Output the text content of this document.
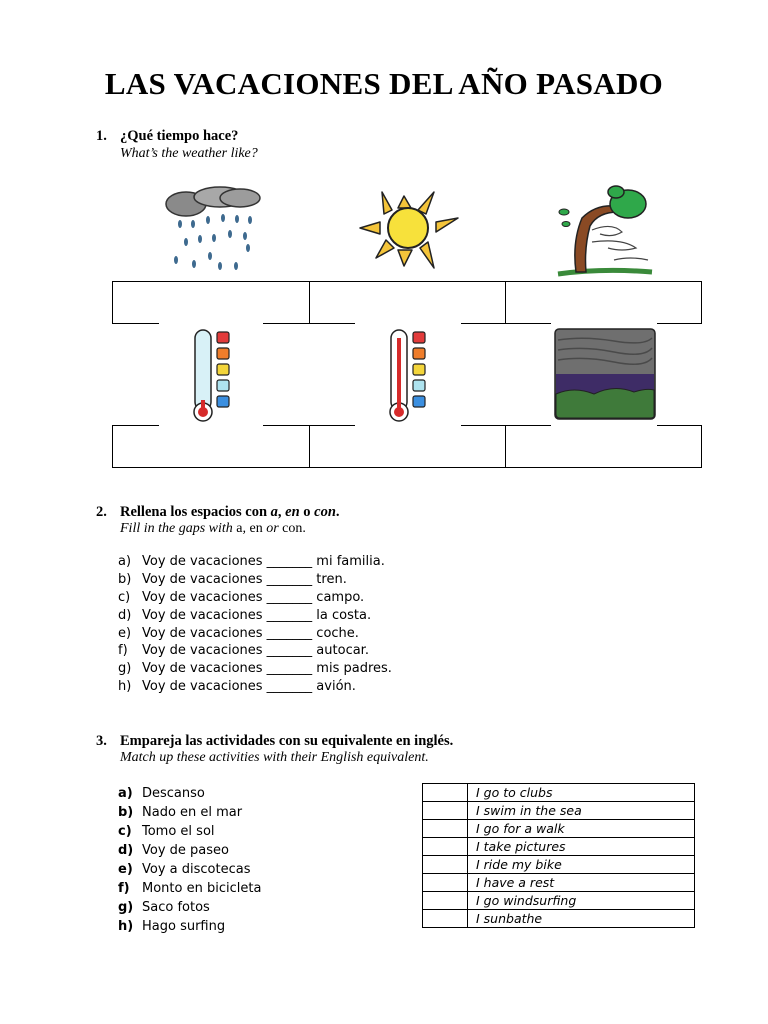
LAS VACACIONES DEL AÑO PASADO
1. ¿Qué tiempo hace?
What’s the weather like?
2. Rellena los espacios con a, en o con.
Fill in the gaps with a, en or con.
a) Voy de vacaciones _______ mi familia.
b) Voy de vacaciones _______ tren.
c) Voy de vacaciones _______ campo.
d) Voy de vacaciones _______ la costa.
e) Voy de vacaciones _______ coche.
f) Voy de vacaciones _______ autocar.
g) Voy de vacaciones _______ mis padres.
h) Voy de vacaciones _______ avión.
3. Empareja las actividades con su equivalente en inglés.
Match up these activities with their English equivalent.
a) Descanso
b) Nado en el mar
c) Tomo el sol
d) Voy de paseo
e) Voy a discotecas
f) Monto en bicicleta
g) Saco fotos
h) Hago surfing
	I go to clubs
	I swim in the sea
	I go for a walk
	I take pictures
	I ride my bike
	I have a rest
	I go windsurfing
	I sunbathe
